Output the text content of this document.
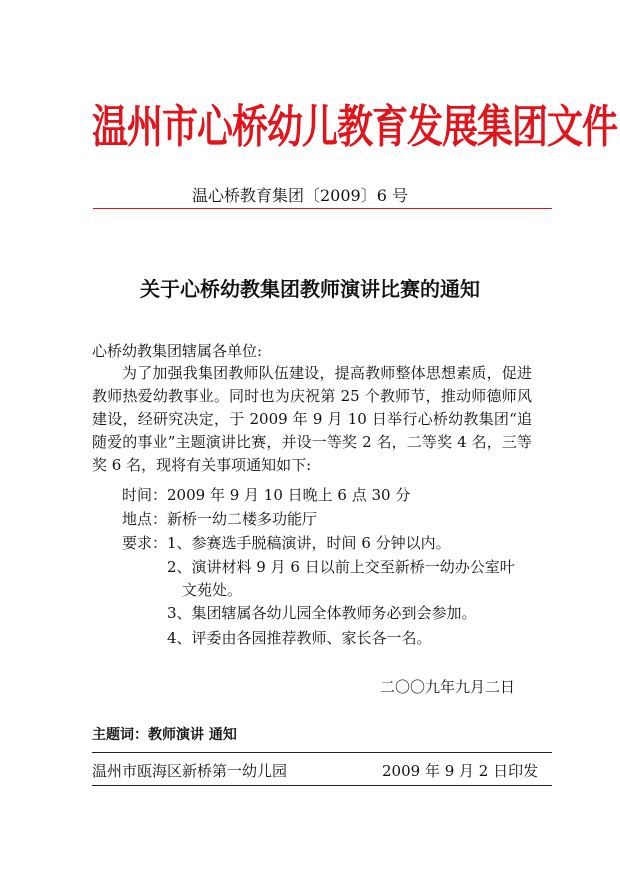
温州市心桥幼儿教育发展集团文件
温心桥教育集团〔2009〕6 号
关于心桥幼教集团教师演讲比赛的通知
心桥幼教集团辖属各单位:

为了加强我集团教师队伍建设，提高教师整体思想素质，促进教师热爱幼教事业。同时也为庆祝第 25 个教师节，推动师德师风建设，经研究决定，于 2009 年 9 月 10 日举行心桥幼教集团“追随爱的事业”主题演讲比赛，并设一等奖 2 名，二等奖 4 名，三等奖 6 名，现将有关事项通知如下:

时间：2009 年 9 月 10 日晚上 6 点 30 分
地点：新桥一幼二楼多功能厅
要求： 1、参赛选手脱稿演讲，时间 6 分钟以内。
2、演讲材料 9 月 6 日以前上交至新桥一幼办公室叶
文苑处。
3、集团辖属各幼儿园全体教师务必到会参加。
4、评委由各园推荐教师、家长各一名。
二〇〇九年九月二日
主题词：教师演讲 通知
温州市瓯海区新桥第一幼儿园	2009 年 9 月 2 日印发
